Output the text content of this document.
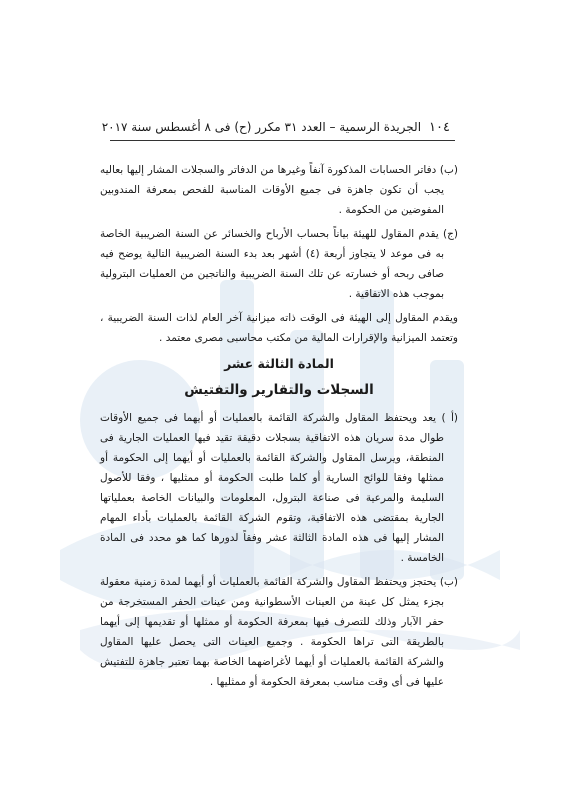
١٠٤
الجريدة الرسمية – العدد ٣١ مكرر (ح) فى ٨ أغسطس سنة ٢٠١٧

(ب) دفاتر الحسابات المذكورة آنفاً وغيرها من الدفاتر والسجلات المشار إليها بعاليه يجب أن تكون جاهزة فى جميع الأوقات المناسبة للفحص بمعرفة المندوبين المفوضين من الحكومة .

(ج) يقدم المقاول للهيئة بياناً بحساب الأرباح والخسائر عن السنة الضريبية الخاصة به فى موعد لا يتجاوز أربعة (٤) أشهر بعد بدء السنة الضريبية التالية يوضح فيه صافى ربحه أو خسارته عن تلك السنة الضريبية والناتجين من العمليات البترولية بموجب هذه الاتفاقية .

ويقدم المقاول إلى الهيئة فى الوقت ذاته ميزانية آخر العام لذات السنة الضريبية ، وتعتمد الميزانية والإقرارات المالية من مكتب محاسبى مصرى معتمد .

المادة الثالثة عشر
السجلات والتقارير والتفتيش

(أ ) يعد ويحتفظ المقاول والشركة القائمة بالعمليات أو أيهما فى جميع الأوقات طوال مدة سريان هذه الاتفاقية بسجلات دقيقة تقيد فيها العمليات الجارية فى المنطقة، ويرسل المقاول والشركة القائمة بالعمليات أو أيهما إلى الحكومة أو ممثلها وفقا للوائح السارية أو كلما طلبت الحكومة أو ممثليها ، وفقا للأصول السليمة والمرعية فى صناعة البترول، المعلومات والبيانات الخاصة بعملياتها الجارية بمقتضى هذه الاتفاقية، وتقوم الشركة القائمة بالعمليات بأداء المهام المشار إليها فى هذه المادة الثالثة عشر وفقاً لدورها كما هو محدد فى المادة الخامسة .

(ب) يحتجز ويحتفظ المقاول والشركة القائمة بالعمليات أو أيهما لمدة زمنية معقولة بجزء يمثل كل عينة من العينات الأسطوانية ومن عينات الحفر المستخرجة من حفر الآبار وذلك للتصرف فيها بمعرفة الحكومة أو ممثلها أو تقديمها إلى أيهما بالطريقة التى تراها الحكومة . وجميع العينات التى يحصل عليها المقاول والشركة القائمة بالعمليات أو أيهما لأغراضهما الخاصة بهما تعتبر جاهزة للتفتيش عليها فى أى وقت مناسب بمعرفة الحكومة أو ممثليها .
